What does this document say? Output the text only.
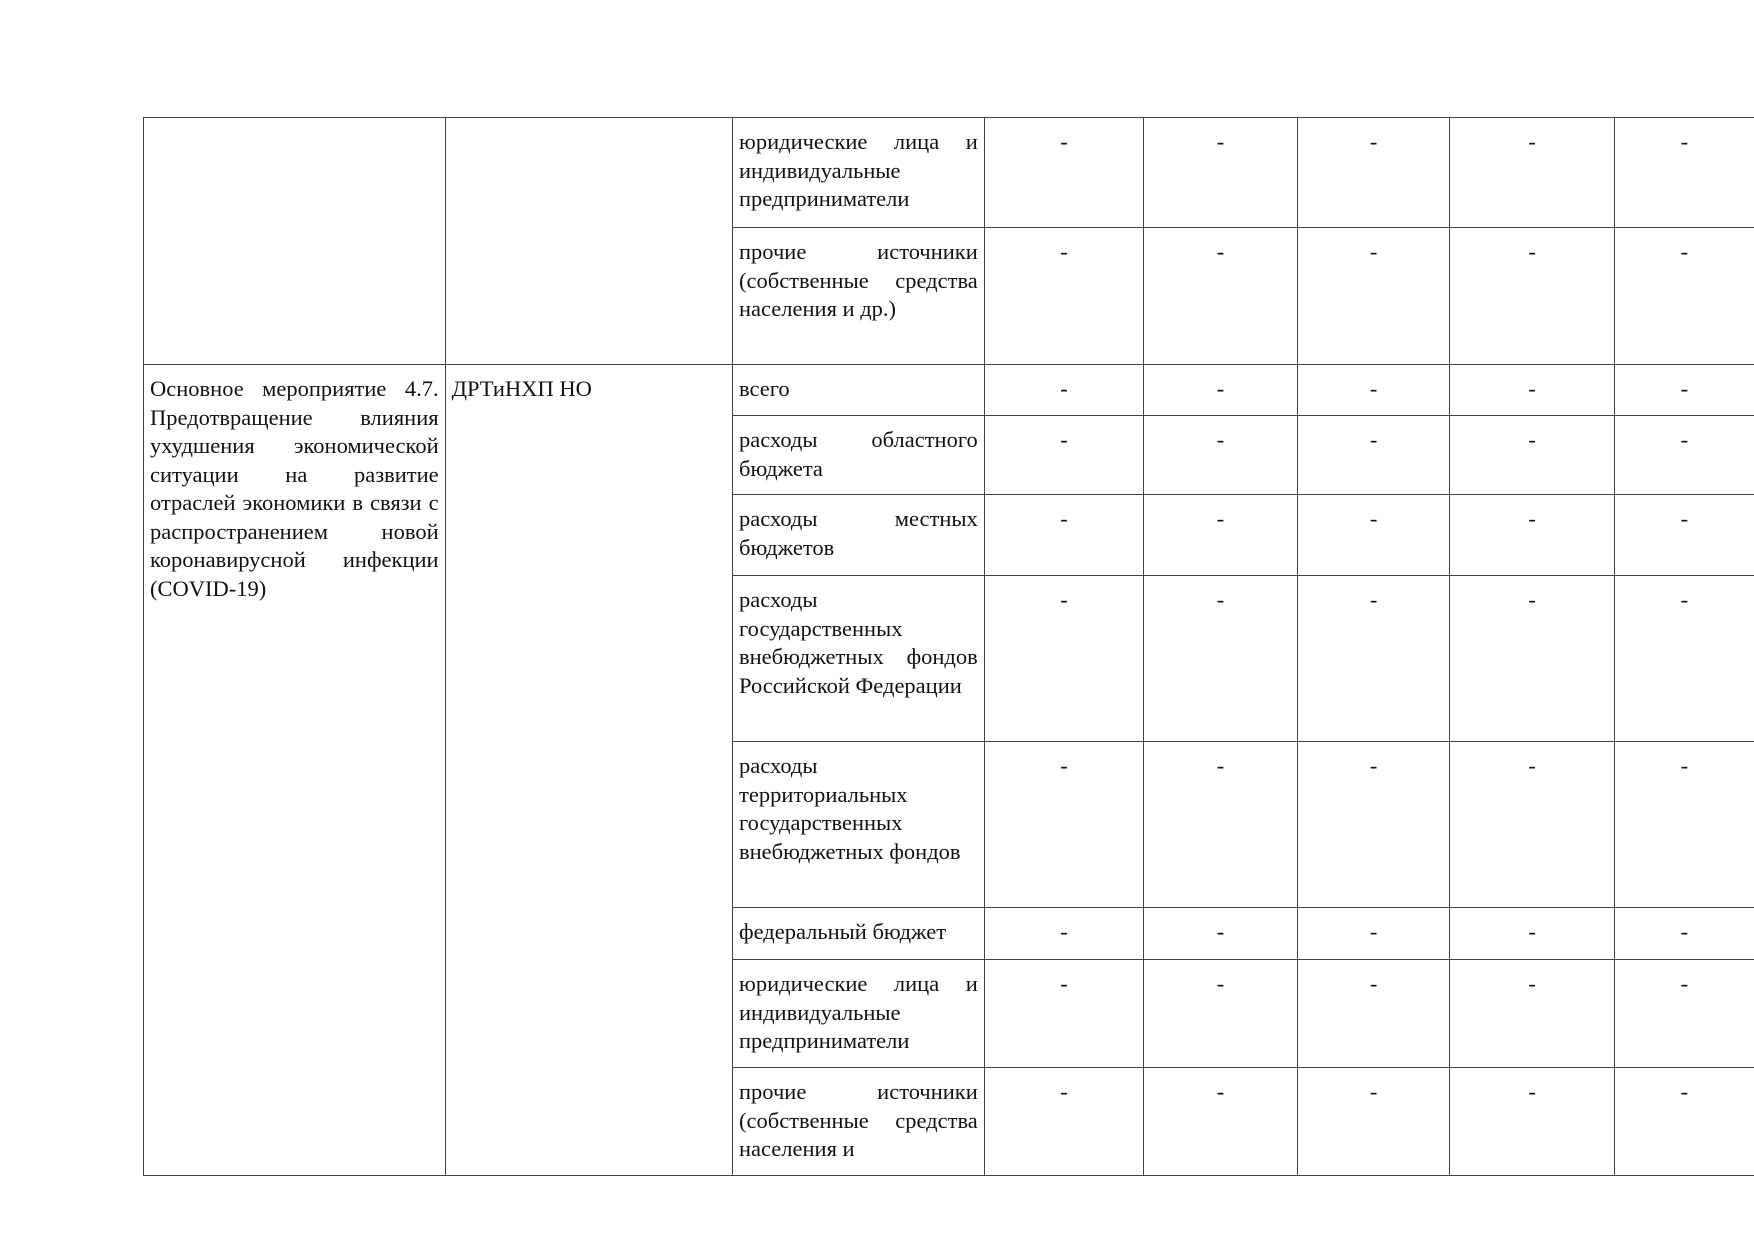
		юридические лица и индивидуальные предприниматели	-	-	-	-	-

		прочие источники (собственные средства населения и др.)	-	-	-	-	-

Основное мероприятие 4.7. Предотвращение влияния ухудшения экономической ситуации на развитие отраслей экономики в связи с распространением новой коронавирусной инфекции (COVID-19)	ДРТиНХП НО	всего	-	-	-	-	-

		расходы областного бюджета	-	-	-	-	-

		расходы местных бюджетов	-	-	-	-	-

		расходы государственных внебюджетных фондов Российской Федерации	-	-	-	-	-

		расходы территориальных государственных внебюджетных фондов	-	-	-	-	-

		федеральный бюджет	-	-	-	-	-

		юридические лица и индивидуальные предприниматели	-	-	-	-	-

		прочие источники (собственные средства населения и	-	-	-	-	-
